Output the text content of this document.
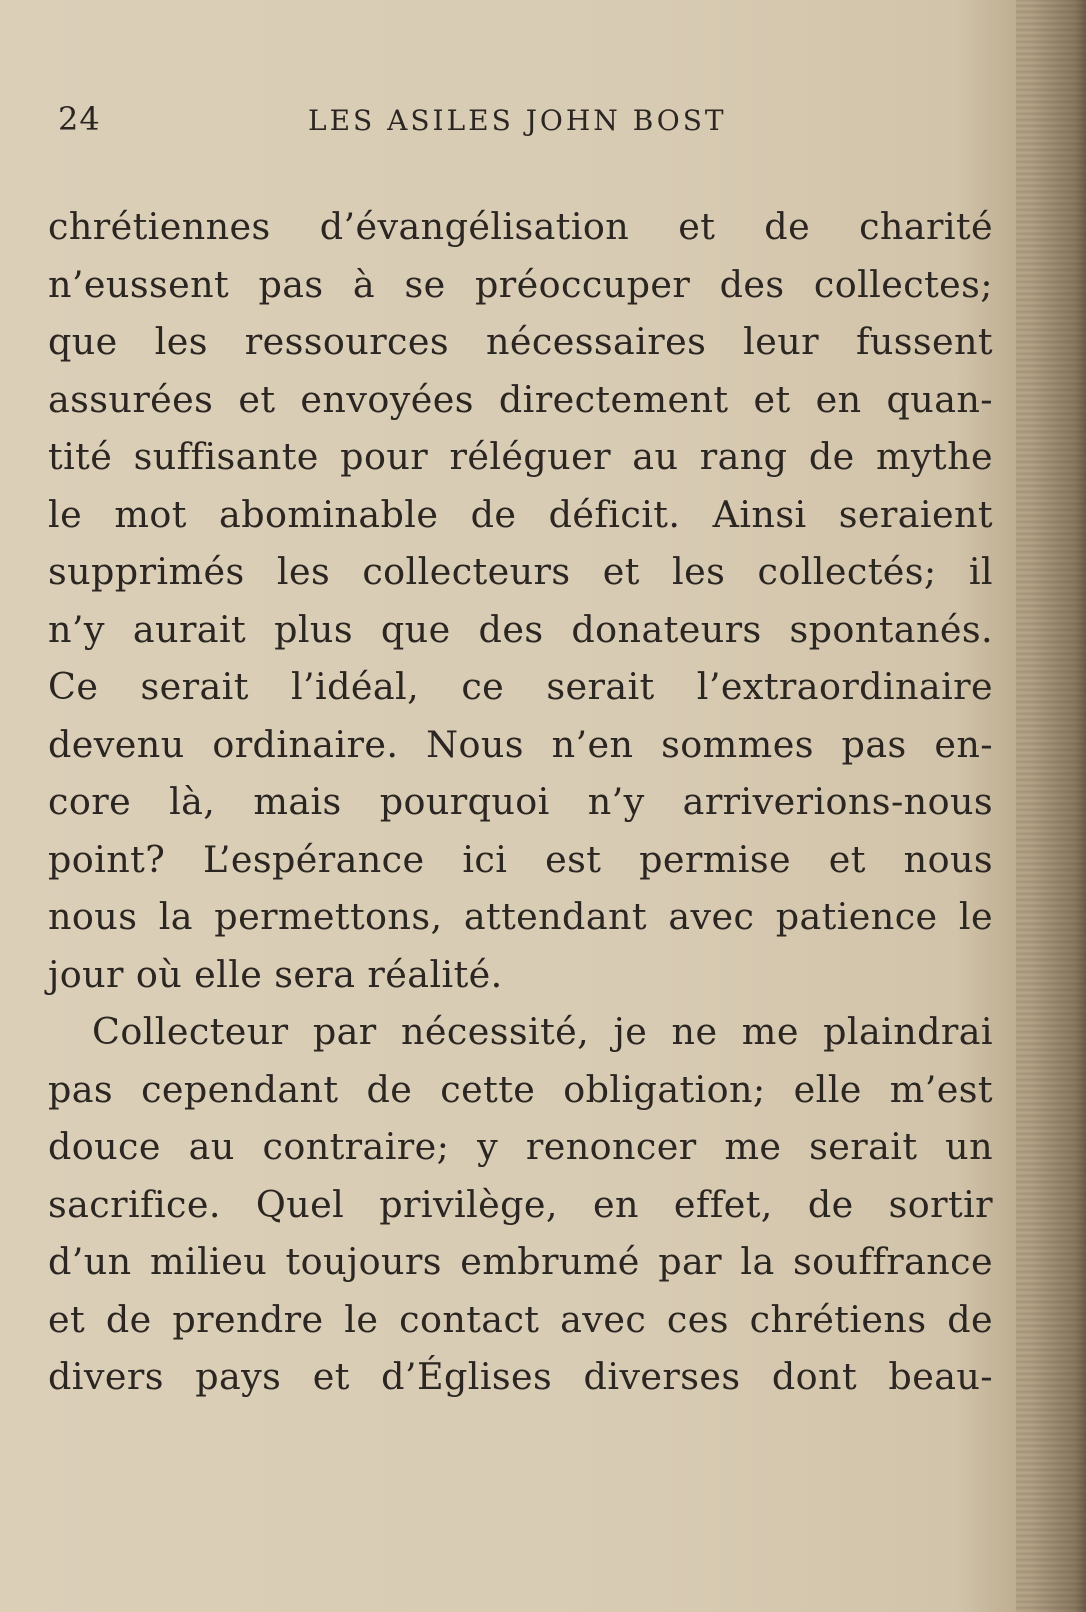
24	LES ASILES JOHN BOST
chrétiennes d’évangélisation et de charité
n’eussent pas à se préoccuper des collectes;
que les ressources nécessaires leur fussent
assurées et envoyées directement et en quan-
tité suffisante pour réléguer au rang de mythe
le mot abominable de déficit. Ainsi seraient
supprimés les collecteurs et les collectés; il
n’y aurait plus que des donateurs spontanés.
Ce serait l’idéal, ce serait l’extraordinaire
devenu ordinaire. Nous n’en sommes pas en-
core là, mais pourquoi n’y arriverions-nous
point? L’espérance ici est permise et nous
nous la permettons, attendant avec patience le
jour où elle sera réalité.
Collecteur par nécessité, je ne me plaindrai
pas cependant de cette obligation; elle m’est
douce au contraire; y renoncer me serait un
sacrifice. Quel privilège, en effet, de sortir
d’un milieu toujours embrumé par la souffrance
et de prendre le contact avec ces chrétiens de
divers pays et d’Églises diverses dont beau-
